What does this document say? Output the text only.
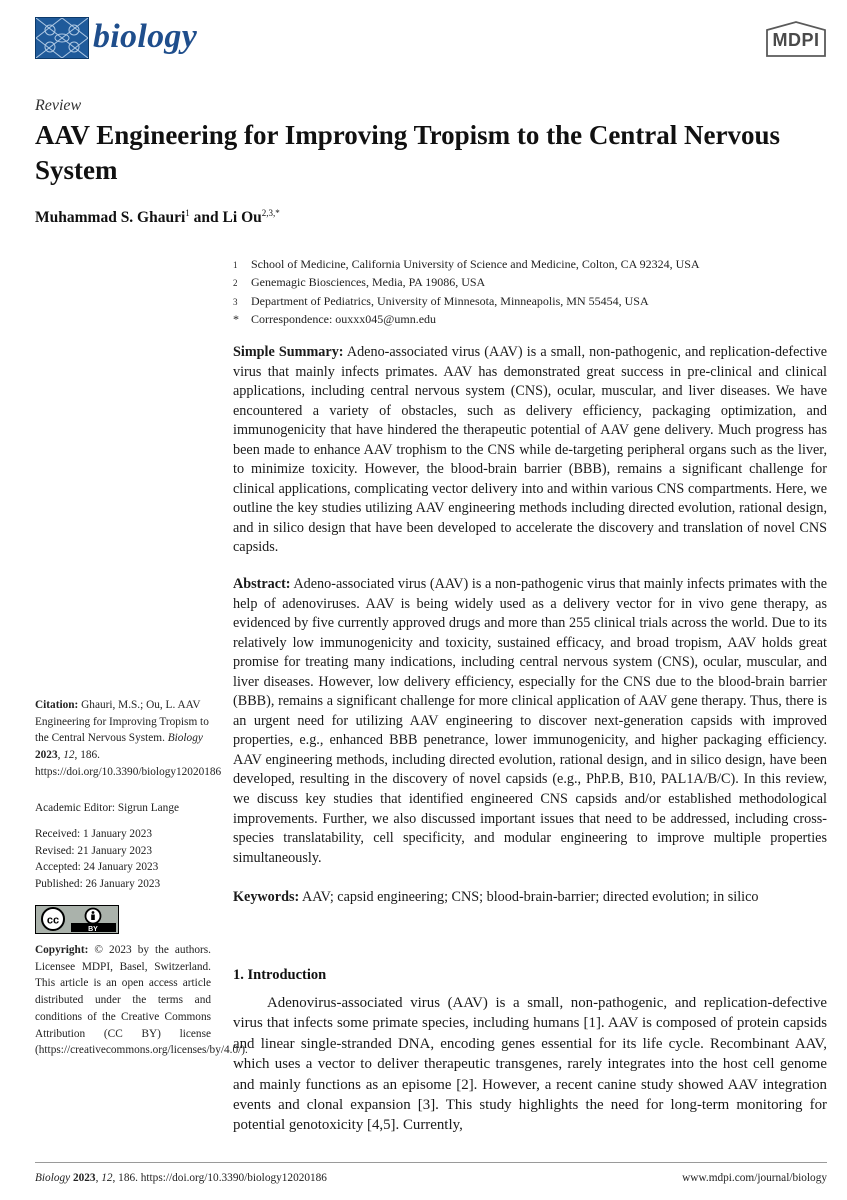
biology	MDPI
Review
AAV Engineering for Improving Tropism to the Central Nervous System
Muhammad S. Ghauri$^1$ and Li $Ou^{2,3,*}$
1	School of Medicine, California University of Science and Medicine, Colton, CA 92324, USA
2	Genemagic Biosciences, Media, PA 19086, USA
3	Department of Pediatrics, University of Minnesota, Minneapolis, MN 55454, USA
*	Correspondence: ouxxx045@umn.edu

Simple Summary: Adeno-associated virus (AAV) is a small, non-pathogenic, and replication-defective virus that mainly infects primates. AAV has demonstrated great success in pre-clinical and clinical applications, including central nervous system (CNS), ocular, muscular, and liver diseases. We have encountered a variety of obstacles, such as delivery efficiency, packaging optimization, and immunogenicity that have hindered the therapeutic potential of AAV gene delivery. Much progress has been made to enhance AAV trophism to the CNS while de-targeting peripheral organs such as the liver, to minimize toxicity. However, the blood-brain barrier (BBB), remains a significant challenge for clinical applications, complicating vector delivery into and within various CNS compartments. Here, we outline the key studies utilizing AAV engineering methods including directed evolution, rational design, and in silico design that have been developed to accelerate the discovery and translation of novel CNS capsids.

Abstract: Adeno-associated virus (AAV) is a non-pathogenic virus that mainly infects primates with the help of adenoviruses. AAV is being widely used as a delivery vector for in vivo gene therapy, as evidenced by five currently approved drugs and more than 255 clinical trials across the world. Due to its relatively low immunogenicity and toxicity, sustained efficacy, and broad tropism, AAV holds great promise for treating many indications, including central nervous system (CNS), ocular, muscular, and liver diseases. However, low delivery efficiency, especially for the CNS due to the blood-brain barrier (BBB), remains a significant challenge for more clinical application of AAV gene therapy. Thus, there is an urgent need for utilizing AAV engineering to discover next-generation capsids with improved properties, e.g., enhanced BBB penetrance, lower immunogenicity, and higher packaging efficiency. AAV engineering methods, including directed evolution, rational design, and in silico design, have been developed, resulting in the discovery of novel capsids (e.g., PhP.B, B10, PAL1A/B/C). In this review, we discuss key studies that identified engineered CNS capsids and/or established methodological improvements. Further, we also discussed important issues that need to be addressed, including cross-species translatability, cell specificity, and modular engineering to improve multiple properties simultaneously.

Keywords: AAV; capsid engineering; CNS; blood-brain-barrier; directed evolution; in silico

Citation: Ghauri, M.S.; Ou, L. AAV Engineering for Improving Tropism to the Central Nervous System. Biology 2023, 12, 186. https://doi.org/10.3390/biology12020186

Academic Editor: Sigrun Lange

Received: 1 January 2023
Revised: 21 January 2023
Accepted: 24 January 2023
Published: 26 January 2023
cc
BY

Copyright: © 2023 by the authors. Licensee MDPI, Basel, Switzerland. This article is an open access article distributed under the terms and conditions of the Creative Commons Attribution (CC BY) license (https://creativecommons.org/licenses/by/4.0/).

1. Introduction

Adenovirus-associated virus (AAV) is a small, non-pathogenic, and replication-defective virus that infects some primate species, including humans [1]. AAV is composed of protein capsids and linear single-stranded DNA, encoding genes essential for its life cycle. Recombinant AAV, which uses a vector to deliver therapeutic transgenes, rarely integrates into the host cell genome and mainly functions as an episome [2]. However, a recent canine study showed AAV integration events and clonal expansion [3]. This study highlights the need for long-term monitoring for potential genotoxicity [4,5]. Currently,

Biology 2023, 12, 186. https://doi.org/10.3390/biology12020186	www.mdpi.com/journal/biology
